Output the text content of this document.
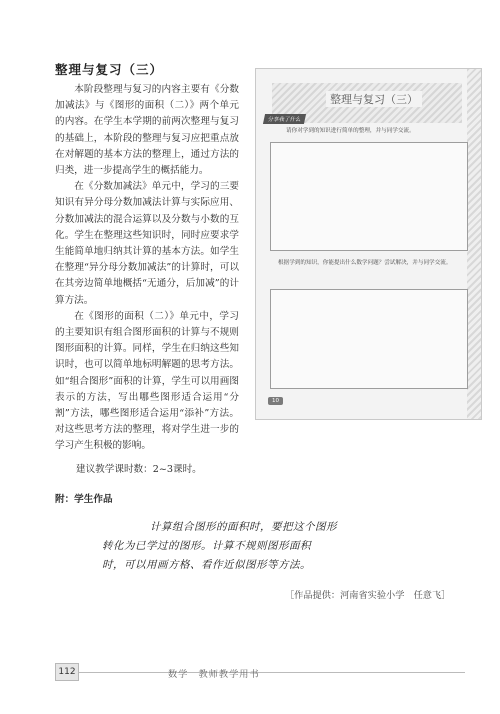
整理与复习（三）

本阶段整理与复习的内容主要有《分数加减法》与《图形的面积（二）》两个单元的内容。在学生本学期的前两次整理与复习的基础上，本阶段的整理与复习应把重点放在对解题的基本方法的整理上，通过方法的归类，进一步提高学生的概括能力。

在《分数加减法》单元中，学习的三要知识有异分母分数加减法计算与实际应用、分数加减法的混合运算以及分数与小数的互化。学生在整理这些知识时，同时应要求学生能简单地归纳其计算的基本方法。如学生在整理“异分母分数加减法”的计算时，可以在其旁边简单地概括“无通分，后加减”的计算方法。

在《图形的面积（二）》单元中，学习的主要知识有组合图形面积的计算与不规则图形面积的计算。同样，学生在归纳这些知识时，也可以简单地标明解题的思考方法。如“组合图形”面积的计算，学生可以用画图表示的方法，写出哪些图形适合运用“分割”方法，哪些图形适合运用“添补”方法。对这些思考方法的整理，将对学生进一步的学习产生积极的影响。

建议教学课时数：2~3课时。
整理与复习（三）
分享我了什么
请你对学到的知识进行简单的整理，并与同学交流。
根据学到的知识，你能提出什么数学问题？尝试解决，并与同学交流。
10
附：学生作品
计算组合图形的面积时，要把这个图形
转化为已学过的图形。计算不规则图形面积
时，可以用画方格、看作近似图形等方法。
［作品提供：河南省实验小学　任意飞］
112	数学　教师教学用书
